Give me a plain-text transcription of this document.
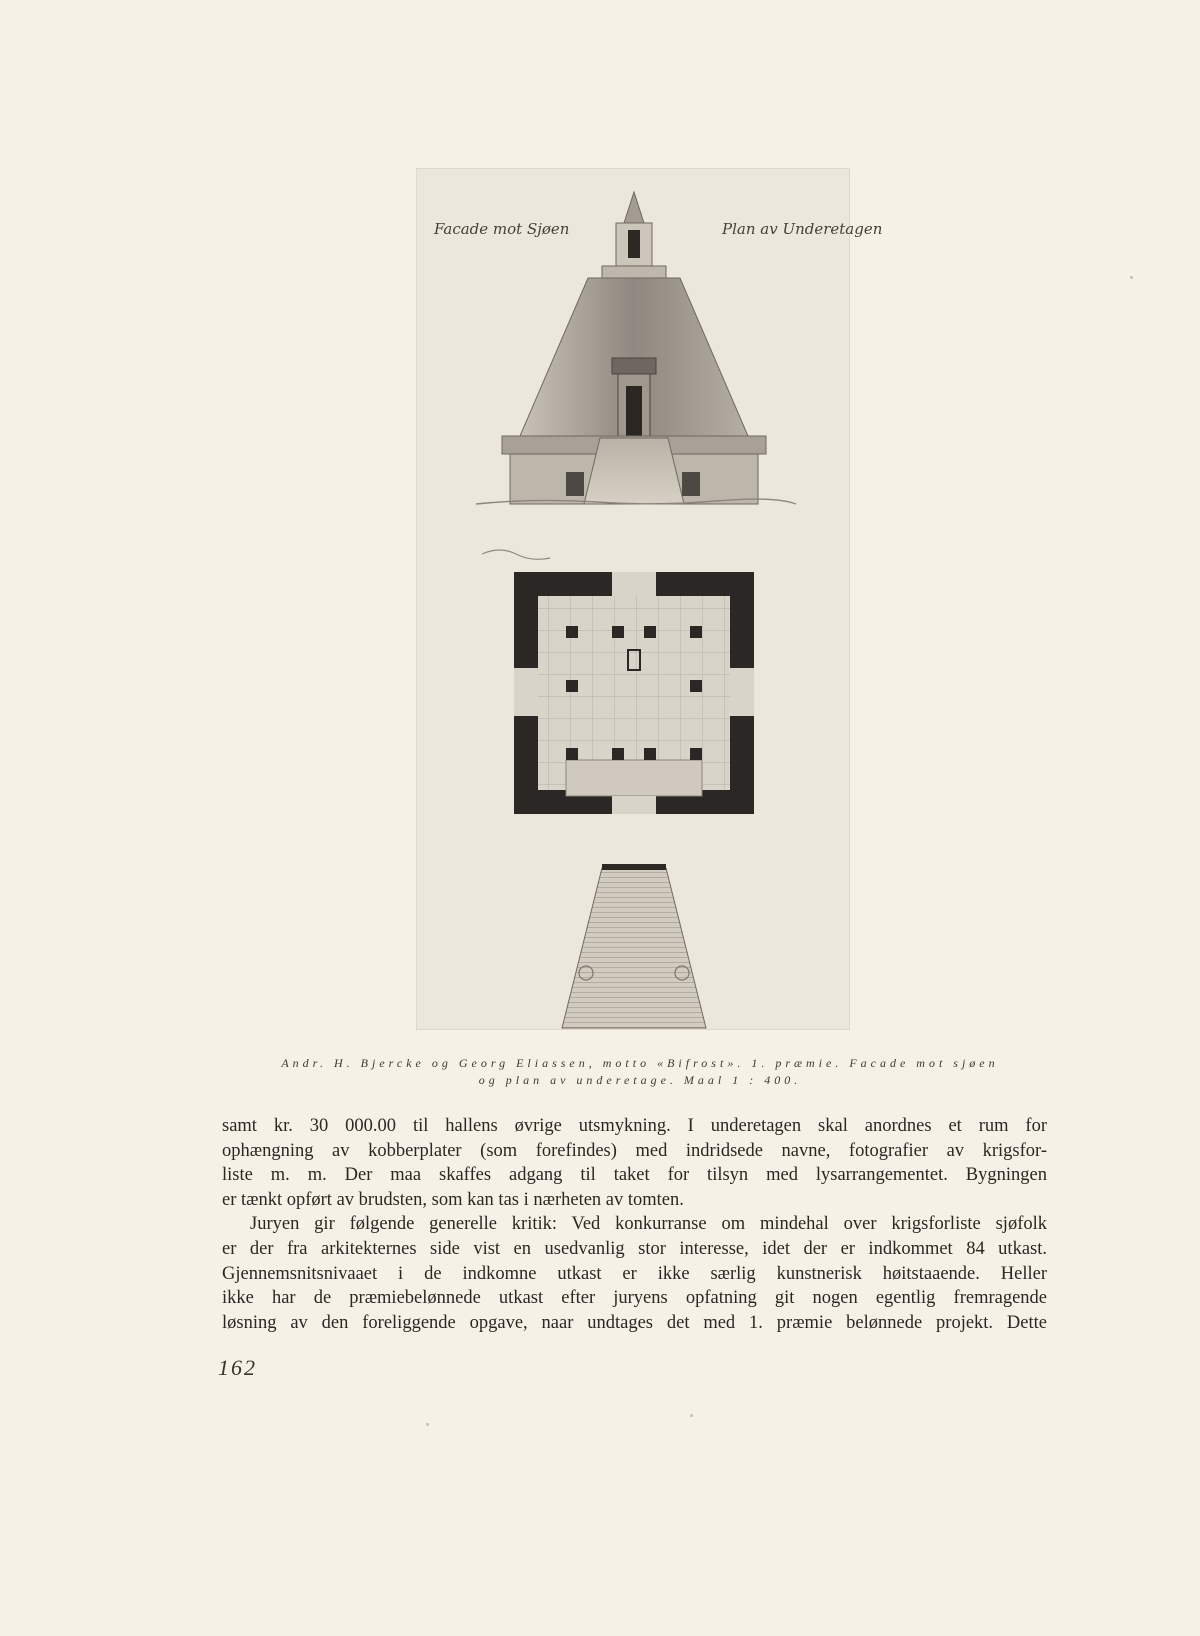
Facade mot Sjøen	Plan av Underetagen
Andr. H. Bjercke og Georg Eliassen, motto «Bifrost». 1. præmie. Facade mot sjøen
og plan av underetage. Maal 1 : 400.

samt kr. 30 000.00 til hallens øvrige utsmykning. I underetagen skal anordnes et rum for
ophængning av kobberplater (som forefindes) med indridsede navne, fotografier av krigsfor-
liste m. m. Der maa skaffes adgang til taket for tilsyn med lysarrangementet. Bygningen
er tænkt opført av brudsten, som kan tas i nærheten av tomten.

Juryen gir følgende generelle kritik: Ved konkurranse om mindehal over krigsforliste sjøfolk
er der fra arkitekternes side vist en usedvanlig stor interesse, idet der er indkommet 84 utkast.
Gjennemsnitsnivaaet i de indkomne utkast er ikke særlig kunstnerisk høitstaaende. Heller
ikke har de præmiebelønnede utkast efter juryens opfatning git nogen egentlig fremragende
løsning av den foreliggende opgave, naar undtages det med 1. præmie belønnede projekt. Dette

162
